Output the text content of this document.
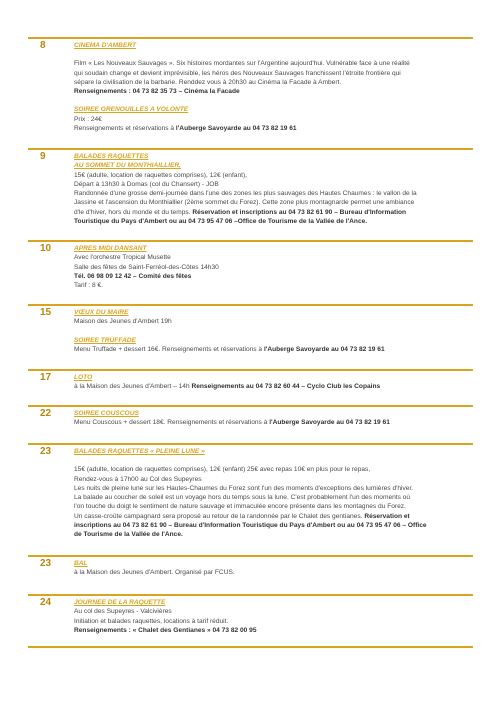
8	CINEMA D'AMBERT

Film « Les Nouveaux Sauvages ». Six histoires mordantes sur l'Argentine aujourd'hui. Vulnérable face à une réalité

qui soudain change et devient imprévisible, les héros des Nouveaux Sauvages franchissent l'étroite frontière qui

sépare la civilisation de la barbarie. Renddez vous à 20h30 au Cinéma la Facade à Ambert.

Renseignements : 04 73 82 35 73 – Cinéma la Facade

SOIREE GRENOUILLES A VOLONTE

Prix : 24€

Renseignements et réservations à l'Auberge Savoyarde au 04 73 82 19 61

9	BALADES RAQUETTES

AU SOMMET DU MONTHIAILLIER,

15€ (adulte, location de raquettes comprises), 12€ (enfant),

Départ à 13h30 à Domas (col du Chansert) - JOB

Randonnée d'une grosse demi-journée dans l'une des zones les plus sauvages des Hautes Chaumes : le vallon de la

Jassine et l'ascension du Monthiallier (2ème sommet du Forez). Cette zone plus montagnarde permet une ambiance

d'le d'hiver, hors du monde et du temps. Réservation et inscriptions au 04 73 82 61 90 – Bureau d'Information

Touristique du Pays d'Ambert ou au 04 73 95 47 06 –Office de Tourisme de la Vallée de l'Ance.

10	APRES MIDI DANSANT

Avec l'orchestre Tropical Musette

Salle des fêtes de Saint-Ferréol-des-Côtes 14h30

Tél. 06 98 09 12 42 – Comité des fêtes

Tarif : 8 €.

15	VŒUX DU MAIRE

Maison des Jeunes d'Ambert 19h

SOIREE TRUFFADE

Menu Truffade + dessert 16€. Renseignements et réservations à l'Auberge Savoyarde au 04 73 82 19 61

17	LOTO

à la Maison des Jeunes d'Ambert – 14h Renseignements au 04 73 82 60 44 – Cyclo Club les Copains

22	SOIREE COUSCOUS

Menu Couscous + dessert 18€. Renseignements et réservations à l'Auberge Savoyarde au 04 73 82 19 61

23	BALADES RAQUETTES « PLEINE LUNE »

15€ (adulte, location de raquettes comprises), 12€ (enfant) 25€ avec repas 10€ en plus pour le repas,

Rendez-vous à 17h00 au Col des Supeyres

Les nuits de pleine lune sur les Hautes-Chaumes du Forez sont l'un des moments d'exceptions des lumières d'hiver.

La balade au coucher de soleil est un voyage hors du temps sous la lune. C'est probablement l'un des moments où

l'on touche du doigt le sentiment de nature sauvage et immaculée encore présente dans les montagnes du Forez.

Un casse-croûte campagnard sera proposé au retour de la randonnée par le Chalet des gentianes. Réservation et

inscriptions au 04 73 82 61 90 – Bureau d'Information Touristique du Pays d'Ambert ou au 04 73 95 47 06 – Office

de Tourisme de la Vallée de l'Ance.

23	BAL

à la Maison des Jeunes d'Ambert. Organisé par FCUS.

24	JOURNEE DE LA RAQUETTE

Au col des Supeyres - Valcivières

Initiation et balades raquettes, locations à tarif réduit.

Renseignements : « Chalet des Gentianes » 04 73 82 00 95
